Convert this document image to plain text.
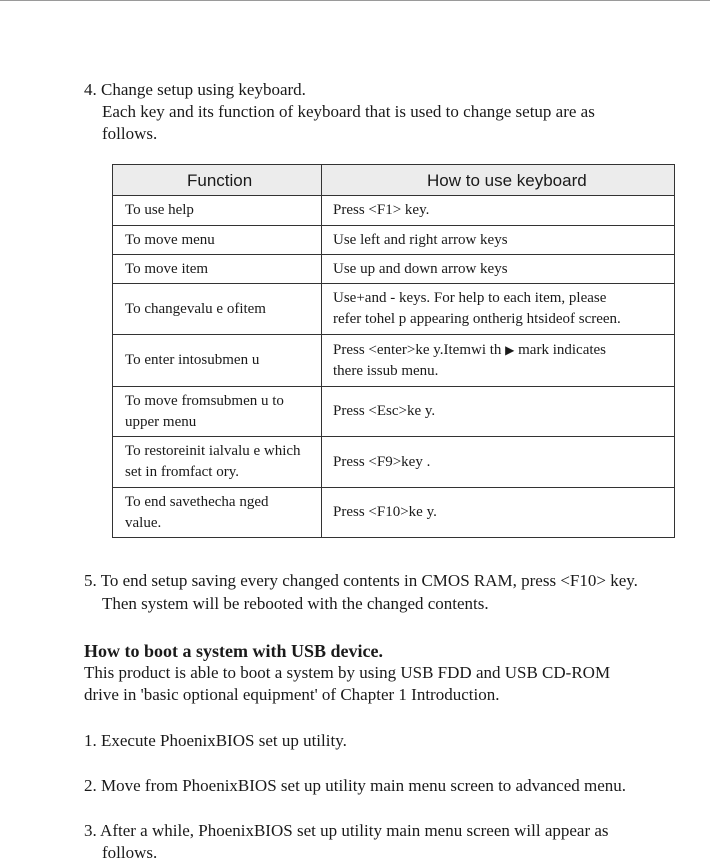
4. Change setup using keyboard.

Each key and its function of keyboard that is used to change setup are as

follows.

Function	How to use keyboard

To use help	Press <F1> key.

To move menu	Use left and right arrow keys

To move item	Use up and down arrow keys

To changevalu e ofitem	Use+and - keys. For help to each item, please
refer tohel p appearing ontherig htsideof screen.

To enter intosubmen u	Press <enter>ke y.Itemwi th ▶ mark indicates
there issub menu.

To move fromsubmen u to
upper menu	Press <Esc>ke y.

To restoreinit ialvalu e which
set in fromfact ory.	Press <F9>key .

To end savethecha nged
value.	Press <F10>ke y.

5. To end setup saving every changed contents in CMOS RAM, press <F10> key.

Then system will be rebooted with the changed contents.

How to boot a system with USB device.

This product is able to boot a system by using USB FDD and USB CD-ROM

drive in 'basic optional equipment' of Chapter 1 Introduction.

1. Execute PhoenixBIOS set up utility.

2. Move from PhoenixBIOS set up utility main menu screen to advanced menu.

3. After a while, PhoenixBIOS set up utility main menu screen will appear as

follows.
